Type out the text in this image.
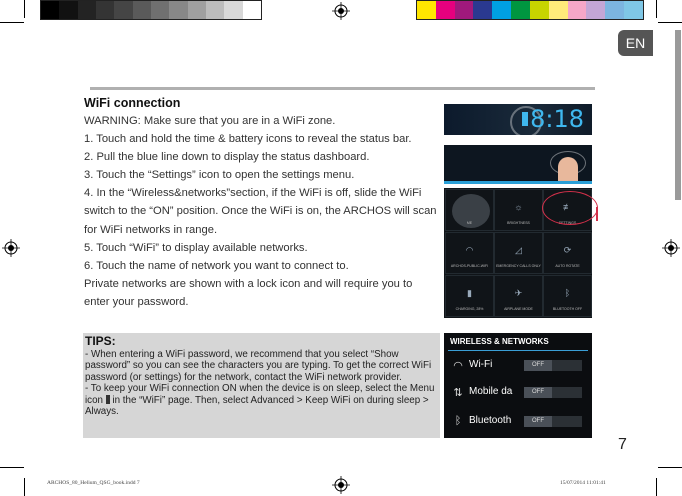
EN
WiFi connection

WARNING: Make sure that you are in a WiFi zone.

1. Touch and hold the time & battery icons to reveal the status bar.

2. Pull the blue line down to display the status dashboard.

3. Touch the “Settings” icon to open the settings menu.

4. In the “Wireless&networks”section, if the WiFi is off, slide the WiFi switch to the “ON” position. Once the WiFi is on, the ARCHOS will scan for WiFi networks in range.

5. Touch “WiFi” to display available networks.

6. Touch the name of network you want to connect to.

Private networks are shown with a lock icon and will require you to enter your password.

8:18
ME
☼
BRIGHTNESS
≢
SETTINGS
◠
ARCHOS-PUBLIC-WIFI
◿
EMERGENCY CALLS ONLY
⟳
AUTO ROTATE
▮
CHARGING, 28%
✈
AIRPLANE MODE
ᛒ
BLUETOOTH OFF
TIPS:

- When entering a WiFi password, we recommend that you select “Show password” so you can see the characters you are typing. To get the correct WiFi password (or settings) for the network, contact the WiFi network provider.

- To keep your WiFi connection ON when the device is on sleep, select the Menu icon  in the “WiFi” page. Then, select Advanced > Keep WiFi on during sleep > Always.

WIRELESS & NETWORKS
◠ Wi-Fi	OFF
⇅ Mobile da	OFF
ᛒ Bluetooth	OFF
7
ARCHOS_80_Helium_QSG_book.indd 7	15/07/2014 11:01:41
